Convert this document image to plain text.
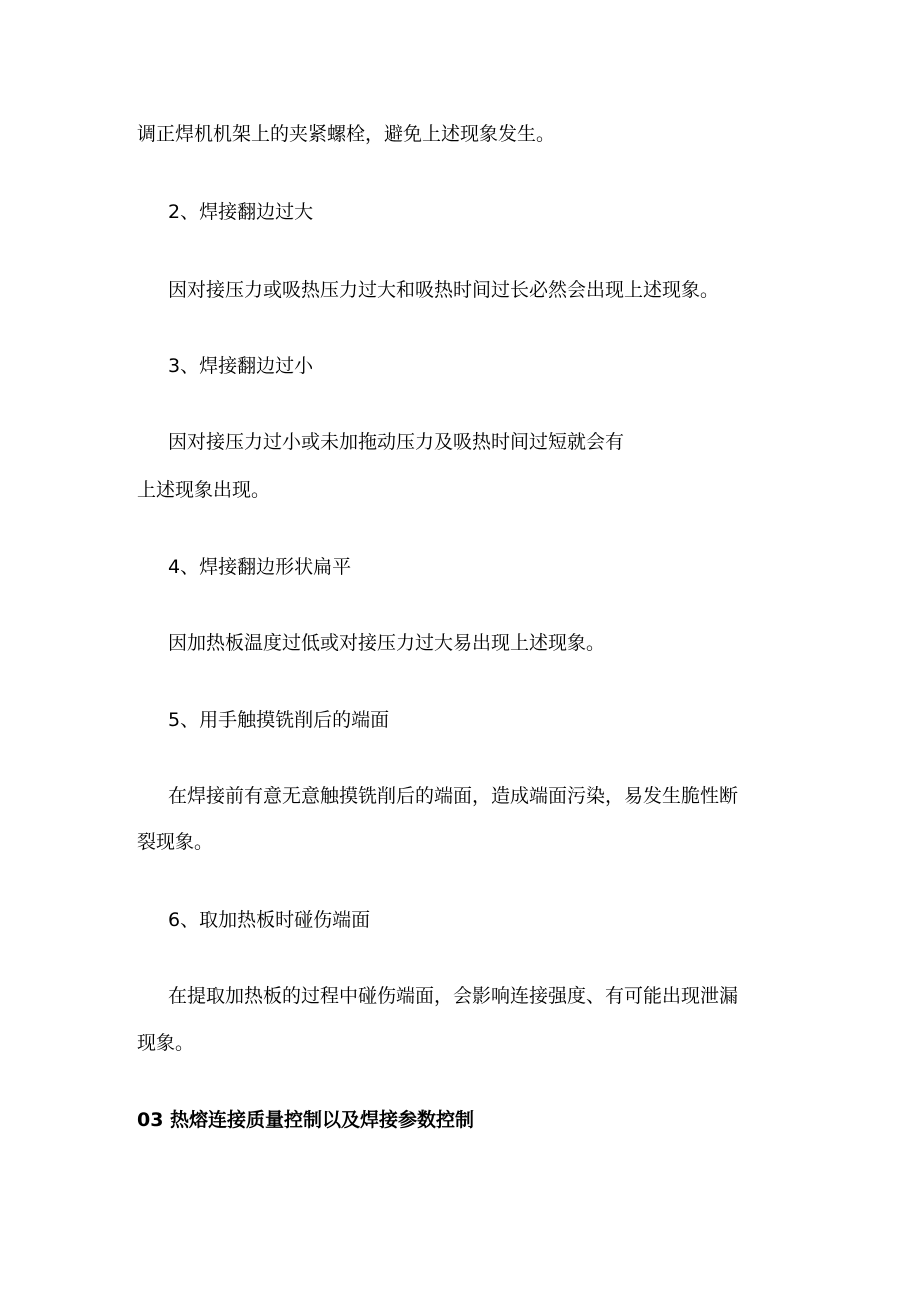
调正焊机机架上的夹紧螺栓，避免上述现象发生。
2、焊接翻边过大
因对接压力或吸热压力过大和吸热时间过长必然会出现上述现象。
3、焊接翻边过小
因对接压力过小或未加拖动压力及吸热时间过短就会有
上述现象出现。
4、焊接翻边形状扁平
因加热板温度过低或对接压力过大易出现上述现象。
5、用手触摸铣削后的端面
在焊接前有意无意触摸铣削后的端面，造成端面污染，易发生脆性断
裂现象。
6、取加热板时碰伤端面
在提取加热板的过程中碰伤端面，会影响连接强度、有可能出现泄漏
现象。
03 热熔连接质量控制以及焊接参数控制
